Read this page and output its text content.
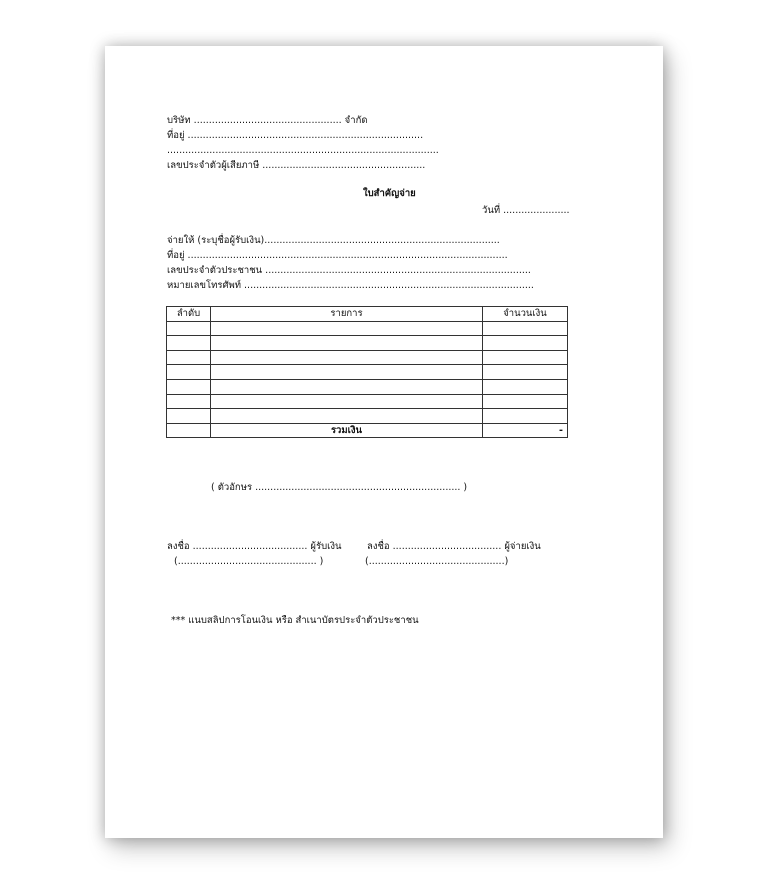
บริษัท ................................................. จำกัด
ที่อยู่ ..............................................................................
..........................................................................................
เลขประจำตัวผู้เสียภาษี ......................................................
ใบสำคัญจ่าย
วันที่ ......................
จ่ายให้ (ระบุชื่อผู้รับเงิน)..............................................................................
ที่อยู่ ..........................................................................................................
เลขประจำตัวประชาชน ........................................................................................
หมายเลขโทรศัพท์ ................................................................................................
ลำดับ	รายการ	จำนวนเงิน

	รวมเงิน	-
( ตัวอักษร .................................................................... )
ลงชื่อ ...................................... ผู้รับเงิน
(.............................................. )
ลงชื่อ .................................... ผู้จ่ายเงิน
(.............................................)
*** แนบสลิปการโอนเงิน หรือ สำเนาบัตรประจำตัวประชาชน
